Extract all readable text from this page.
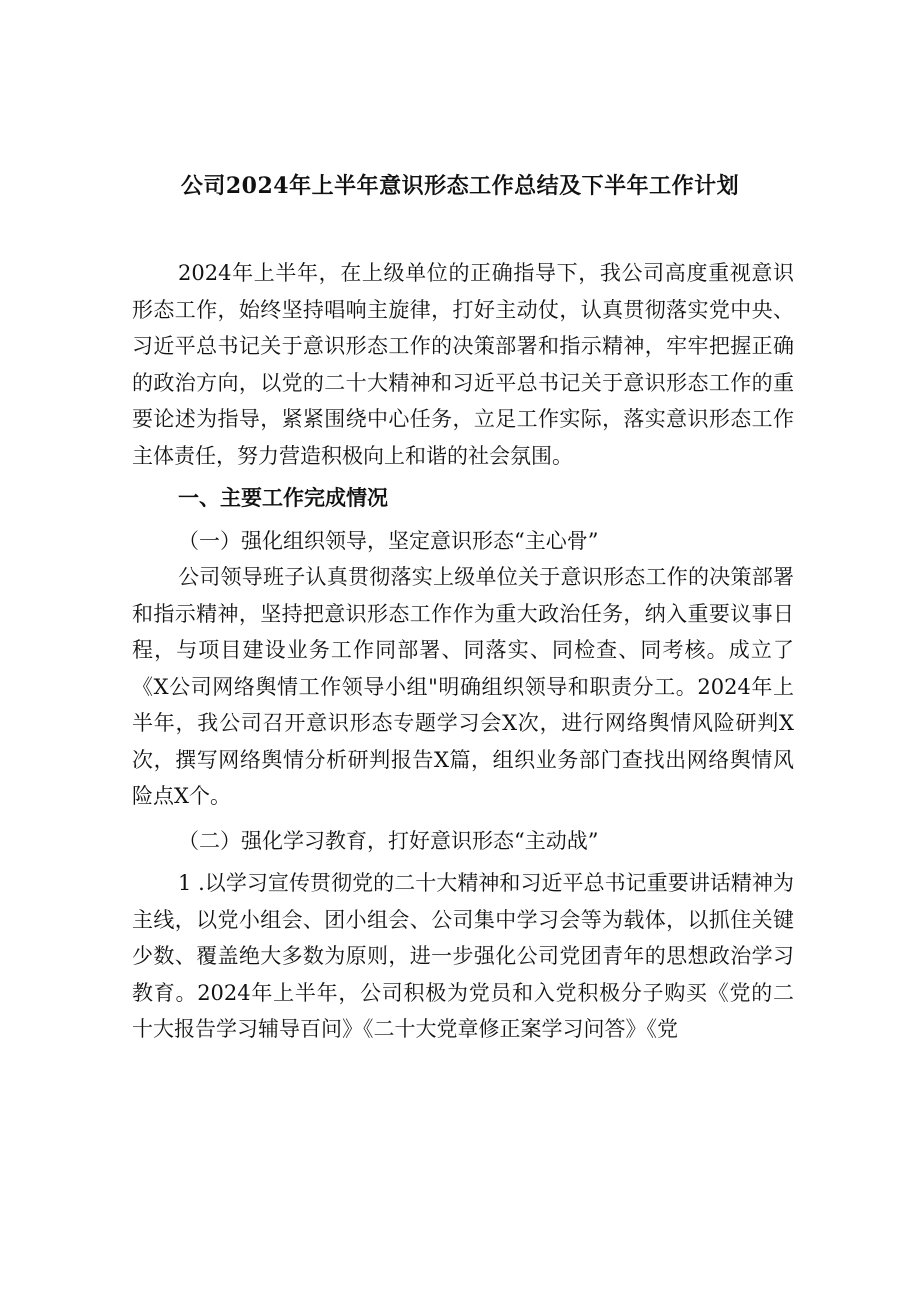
公司2024年上半年意识形态工作总结及下半年工作计划

2024年上半年，在上级单位的正确指导下，我公司高度重视意识形态工作，始终坚持唱响主旋律，打好主动仗，认真贯彻落实党中央、习近平总书记关于意识形态工作的决策部署和指示精神，牢牢把握正确的政治方向，以党的二十大精神和习近平总书记关于意识形态工作的重要论述为指导，紧紧围绕中心任务，立足工作实际，落实意识形态工作主体责任，努力营造积极向上和谐的社会氛围。

一、主要工作完成情况

（一）强化组织领导，坚定意识形态“主心骨”

公司领导班子认真贯彻落实上级单位关于意识形态工作的决策部署和指示精神，坚持把意识形态工作作为重大政治任务，纳入重要议事日程，与项目建设业务工作同部署、同落实、同检查、同考核。成立了《X公司网络舆情工作领导小组"明确组织领导和职责分工。2024年上半年，我公司召开意识形态专题学习会X次，进行网络舆情风险研判X次，撰写网络舆情分析研判报告X篇，组织业务部门查找出网络舆情风险点X个。

（二）强化学习教育，打好意识形态“主动战”

1 .以学习宣传贯彻党的二十大精神和习近平总书记重要讲话精神为主线，以党小组会、团小组会、公司集中学习会等为载体，以抓住关键少数、覆盖绝大多数为原则，进一步强化公司党团青年的思想政治学习教育。2024年上半年，公司积极为党员和入党积极分子购买《党的二十大报告学习辅导百问》《二十大党章修正案学习问答》《党
